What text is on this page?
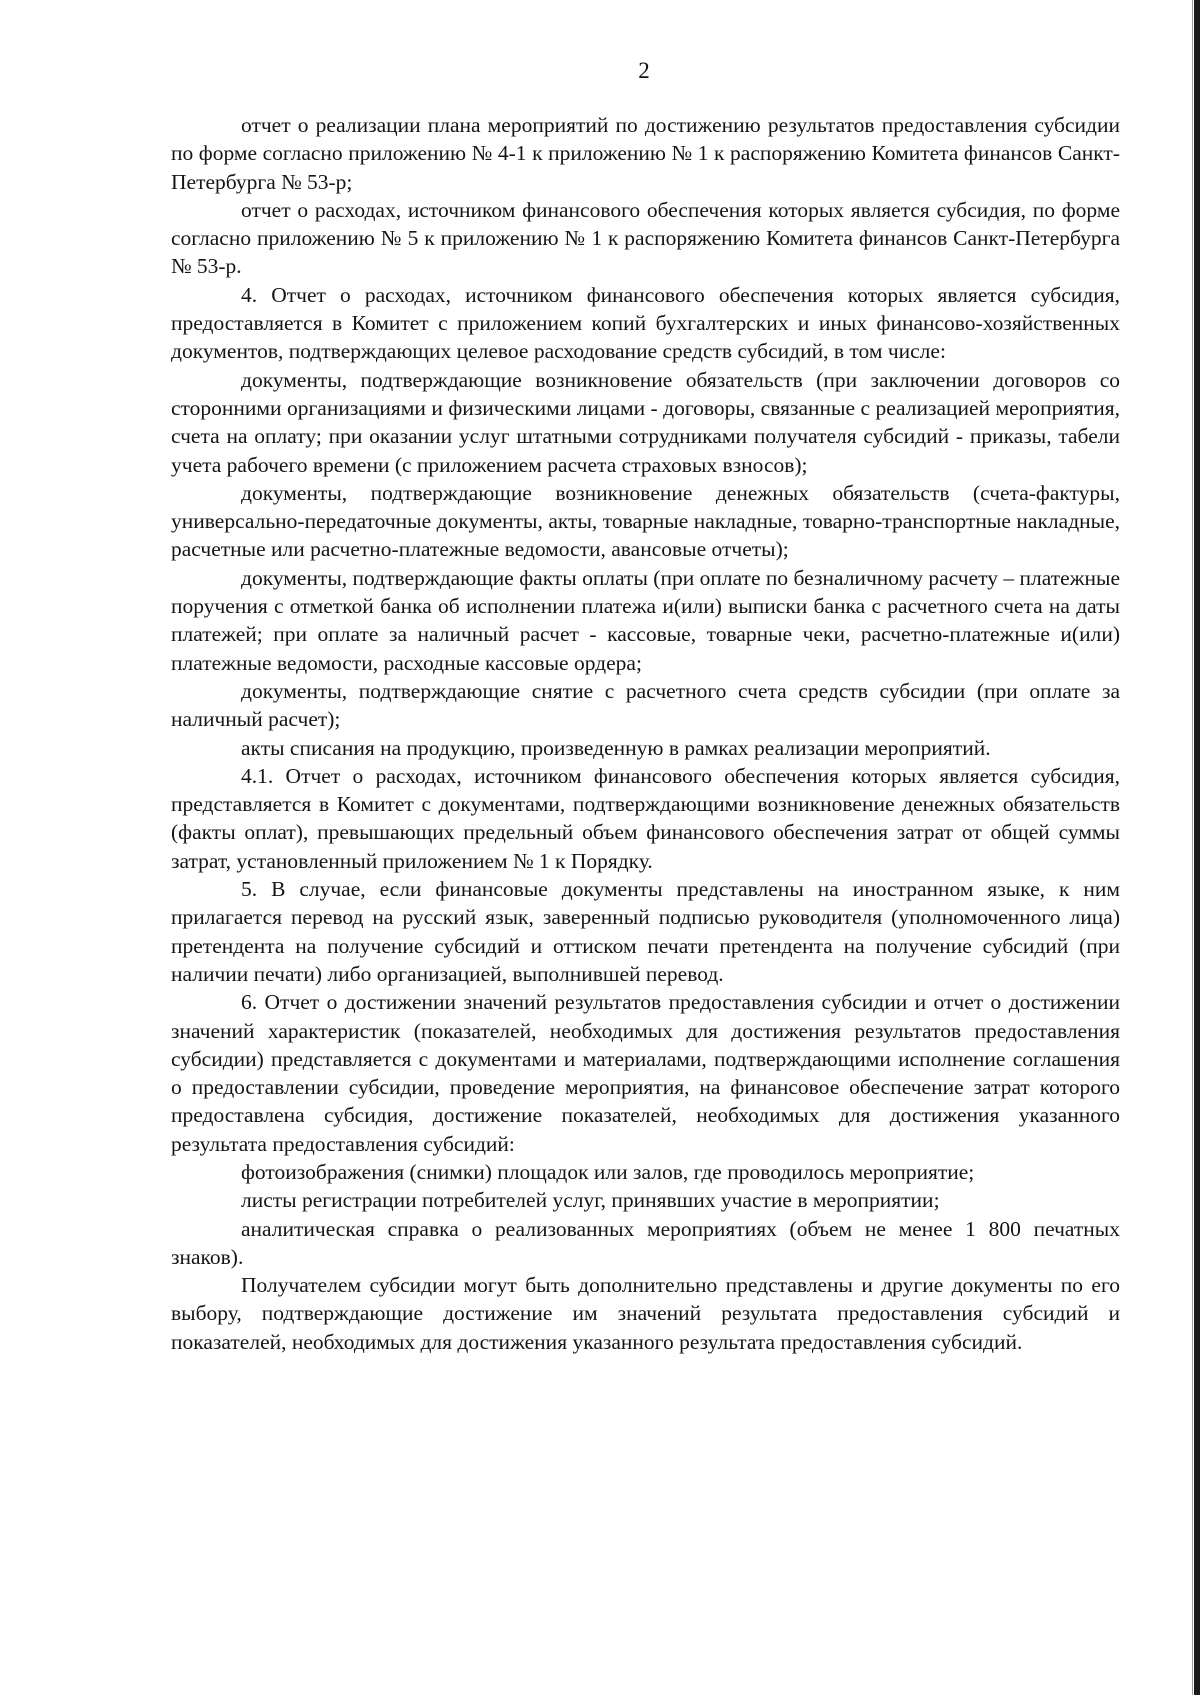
2

отчет о реализации плана мероприятий по достижению результатов предоставления субсидии по форме согласно приложению № 4-1 к приложению № 1 к распоряжению Комитета финансов Санкт-Петербурга № 53-р;

отчет о расходах, источником финансового обеспечения которых является субсидия, по форме согласно приложению № 5 к приложению № 1 к распоряжению Комитета финансов Санкт-Петербурга № 53-р.

4. Отчет о расходах, источником финансового обеспечения которых является субсидия, предоставляется в Комитет с приложением копий бухгалтерских и иных финансово-хозяйственных документов, подтверждающих целевое расходование средств субсидий, в том числе:

документы, подтверждающие возникновение обязательств (при заключении договоров со сторонними организациями и физическими лицами - договоры, связанные с реализацией мероприятия, счета на оплату; при оказании услуг штатными сотрудниками получателя субсидий - приказы, табели учета рабочего времени (с приложением расчета страховых взносов);

документы, подтверждающие возникновение денежных обязательств (счета-фактуры, универсально-передаточные документы, акты, товарные накладные, товарно-транспортные накладные, расчетные или расчетно-платежные ведомости, авансовые отчеты);

документы, подтверждающие факты оплаты (при оплате по безналичному расчету – платежные поручения с отметкой банка об исполнении платежа и(или) выписки банка с расчетного счета на даты платежей; при оплате за наличный расчет - кассовые, товарные чеки, расчетно-платежные и(или) платежные ведомости, расходные кассовые ордера;

документы, подтверждающие снятие с расчетного счета средств субсидии (при оплате за наличный расчет);

акты списания на продукцию, произведенную в рамках реализации мероприятий.

4.1. Отчет о расходах, источником финансового обеспечения которых является субсидия, представляется в Комитет с документами, подтверждающими возникновение денежных обязательств (факты оплат), превышающих предельный объем финансового обеспечения затрат от общей суммы затрат, установленный приложением № 1 к Порядку.

5. В случае, если финансовые документы представлены на иностранном языке, к ним прилагается перевод на русский язык, заверенный подписью руководителя (уполномоченного лица) претендента на получение субсидий и оттиском печати претендента на получение субсидий (при наличии печати) либо организацией, выполнившей перевод.

6. Отчет о достижении значений результатов предоставления субсидии и отчет о достижении значений характеристик (показателей, необходимых для достижения результатов предоставления субсидии) представляется с документами и материалами, подтверждающими исполнение соглашения о предоставлении субсидии, проведение мероприятия, на финансовое обеспечение затрат которого предоставлена субсидия, достижение показателей, необходимых для достижения указанного результата предоставления субсидий:

фотоизображения (снимки) площадок или залов, где проводилось мероприятие;

листы регистрации потребителей услуг, принявших участие в мероприятии;

аналитическая справка о реализованных мероприятиях (объем не менее 1 800 печатных знаков).

Получателем субсидии могут быть дополнительно представлены и другие документы по его выбору, подтверждающие достижение им значений результата предоставления субсидий и показателей, необходимых для достижения указанного результата предоставления субсидий.
